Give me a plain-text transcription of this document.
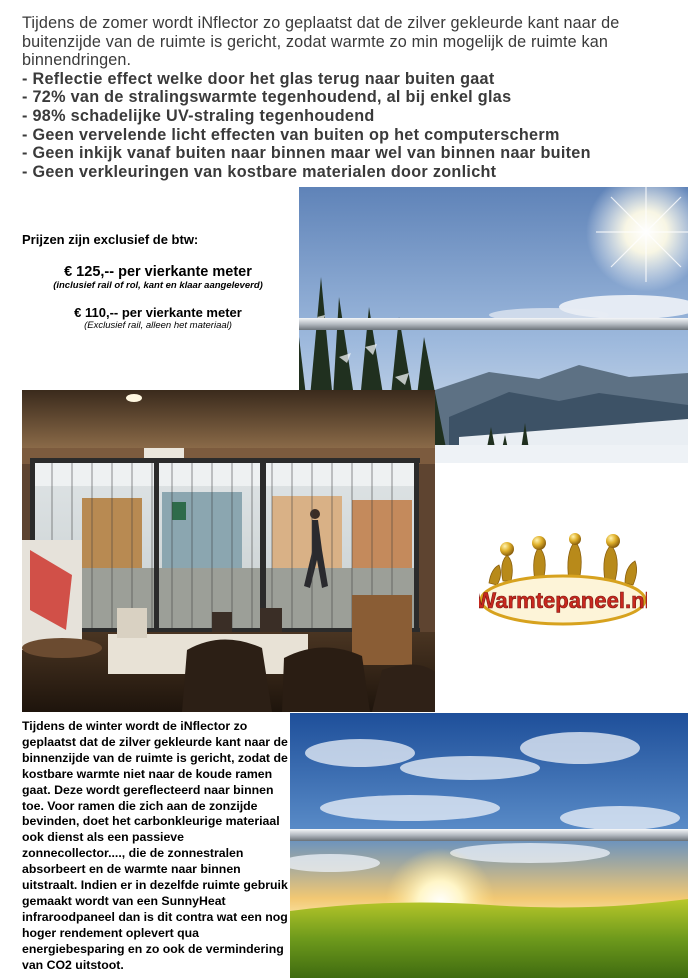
Tijdens de zomer wordt iNflector zo geplaatst dat de zilver gekleurde kant naar de buitenzijde van de ruimte is gericht, zodat warmte zo min mogelijk de ruimte kan binnendringen.

- Reflectie effect welke door het glas terug naar buiten gaat
- 72% van de stralingswarmte tegenhoudend, al bij enkel glas
- 98% schadelijke UV-straling tegenhoudend
- Geen vervelende licht effecten van buiten op het computerscherm
- Geen inkijk vanaf buiten naar binnen maar wel van binnen naar buiten
- Geen verkleuringen van kostbare materialen door zonlicht
Prijzen zijn exclusief de btw:
€ 125,-- per vierkante meter
(inclusief rail of rol, kant en klaar aangeleverd)
€ 110,-- per vierkante meter
(Exclusief rail, alleen het materiaal)
Warmtepaneel.nl
Tijdens de winter wordt de iNflector zo geplaatst dat de zilver gekleurde kant naar de binnenzijde van de ruimte is gericht, zodat de kostbare warmte niet naar de koude ramen gaat. Deze wordt gereflecteerd naar binnen toe. Voor ramen die zich aan de zonzijde bevinden, doet het carbonkleurige materiaal ook dienst als een passieve zonnecollector...., die de zonnestralen absorbeert en de warmte naar binnen uitstraalt. Indien er in dezelfde ruimte gebruik gemaakt wordt van een SunnyHeat infraroodpaneel dan is dit contra wat een nog hoger rendement oplevert qua energiebesparing en zo ook de vermindering van CO2 uitstoot.
